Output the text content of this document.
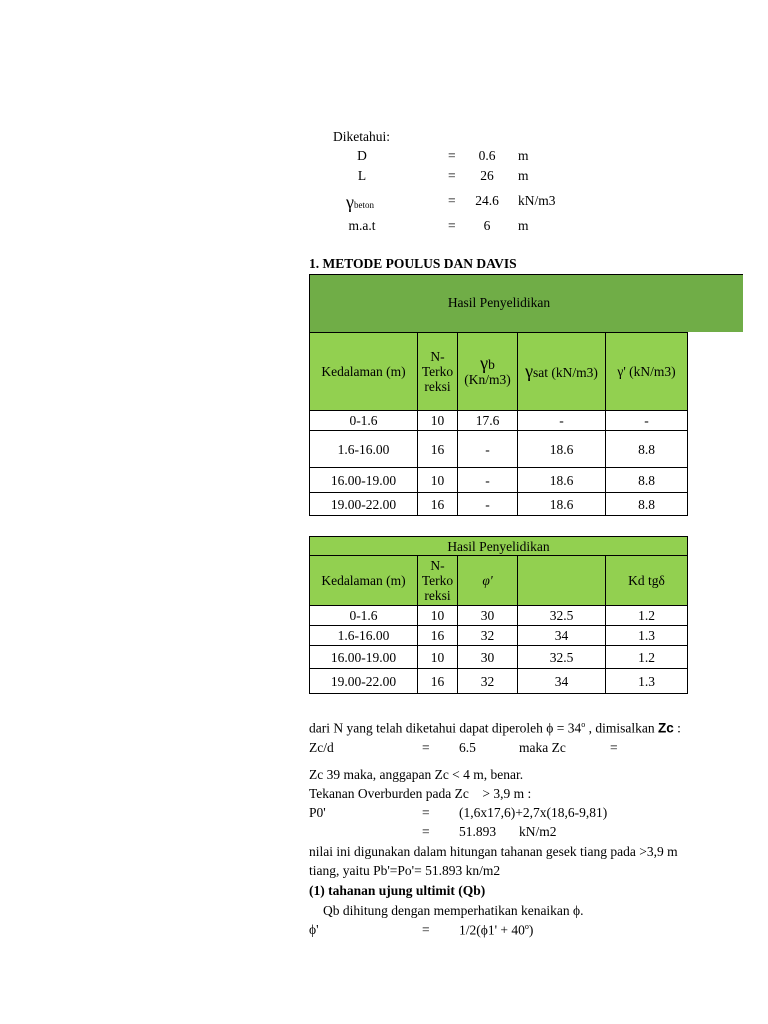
Diketahui:
D	=	0.6	m
L	=	26	m
γbeton	=	24.6	kN/m3
m.a.t	=	6	m
1. METODE POULUS DAN DAVIS
Hasil Penyelidikan
Kedalaman (m)	N-
Terko
reksi	γb
(Kn/m3)	γsat (kN/m3)	γ' (kN/m3)
0-1.6	10	17.6	-	-
1.6-16.00	16	-	18.6	8.8
16.00-19.00	10	-	18.6	8.8
19.00-22.00	16	-	18.6	8.8
Hasil Penyelidikan				
Kedalaman (m)	N-
Terko
reksi	φ'		Kd tgδ
0-1.6	10	30	32.5	1.2
1.6-16.00	16	32	34	1.3
16.00-19.00	10	30	32.5	1.2
19.00-22.00	16	32	34	1.3
dari N yang telah diketahui dapat diperoleh $\phi = 34^o$ , dimisalkan Zc :
Zc/d	= 6.5	maka Zc	=
Zc 39 maka, anggapan Zc < 4 m, benar.
Tekanan Overburden pada Zc    > 3,9 m :
P0'	= (1,6x17,6)+2,7x(18,6-9,81)
= 51.893 kN/m2
nilai ini digunakan dalam hitungan tahanan gesek tiang pada >3,9 m
tiang, yaitu Pb'=Po'= 51.893 kn/m2
(1) tahanan ujung ultimit (Qb)
Qb dihitung dengan memperhatikan kenaikan ϕ.
ϕ'	= $1/2(\phi 1' + 40^o)$
